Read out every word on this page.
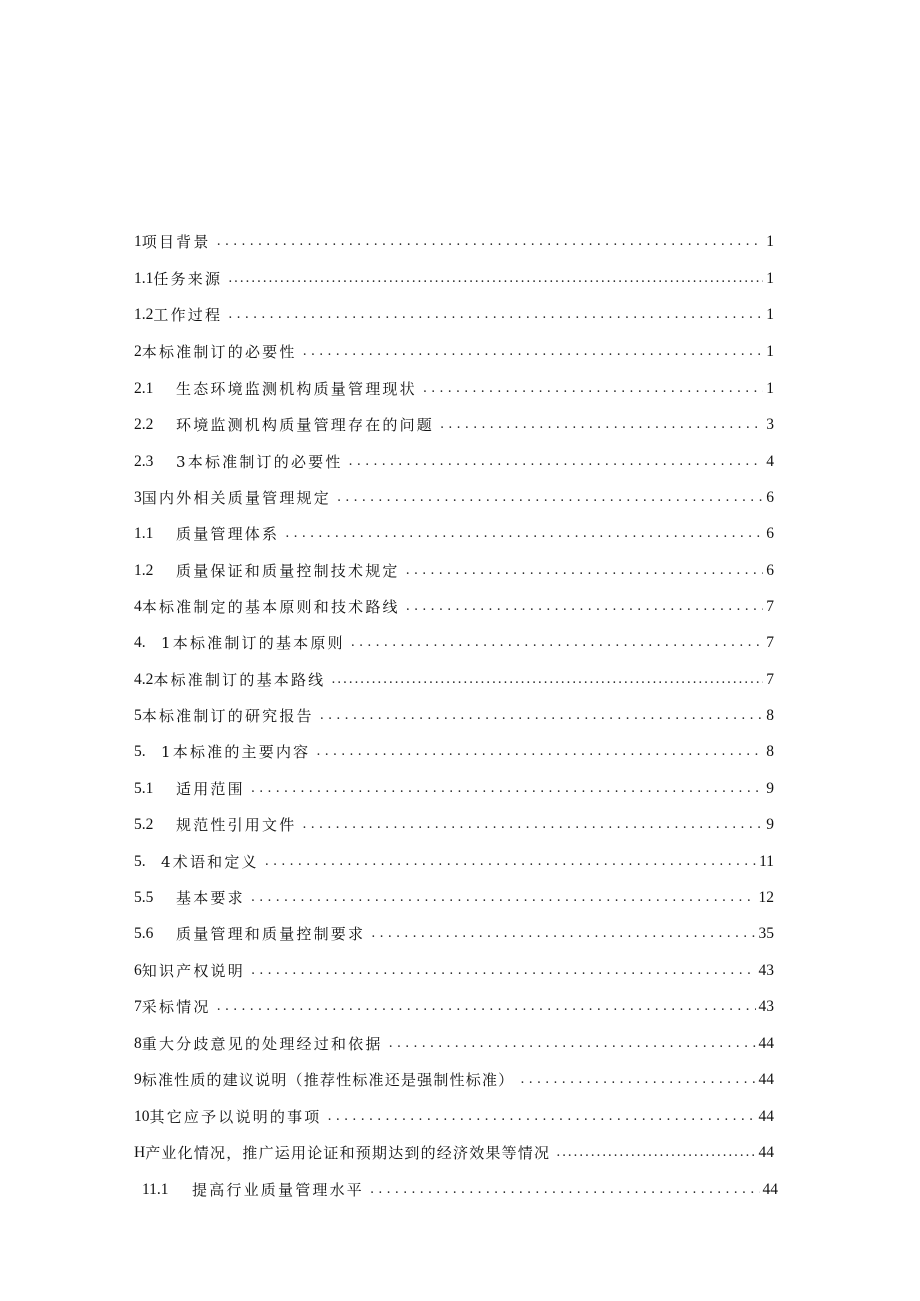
1 项目背景 . . .	1
1.1 任务来源 .....	1
1.2 工作过程 . . .	1
2 本标准制订的必要性 . . .	1
2.1	生态环境监测机构质量管理现状 . . .	1
2.2	环境监测机构质量管理存在的问题 . . .	3
2.3	3本标准制订的必要性 . . .	4
3 国内外相关质量管理规定 . . .	6
1.1	质量管理体系 . . .	6
1.2	质量保证和质量控制技术规定 . . .	6
4 本标准制定的基本原则和技术路线 . . .	7
4.	1本标准制订的基本原则 . . .	7
4.2 本标准制订的基本路线 .....	7
5 本标准制订的研究报告 . . .	8
5.	1本标准的主要内容 . . .	8
5.1	适用范围 . . .	9
5.2	规范性引用文件 . . .	9
5.	4术语和定义 . . .	11
5.5	基本要求 . . .	12
5.6	质量管理和质量控制要求 . . .	35
6 知识产权说明 . . .	43
7 采标情况 . . .	43
8 重大分歧意见的处理经过和依据 . . .	44
9 标准性质的建议说明（推荐性标准还是强制性标准） . . .	44
10 其它应予以说明的事项 . . .	44
H 产业化情况，推广运用论证和预期达到的经济效果等情况 .....	44
11.1	提高行业质量管理水平 . . .	44
